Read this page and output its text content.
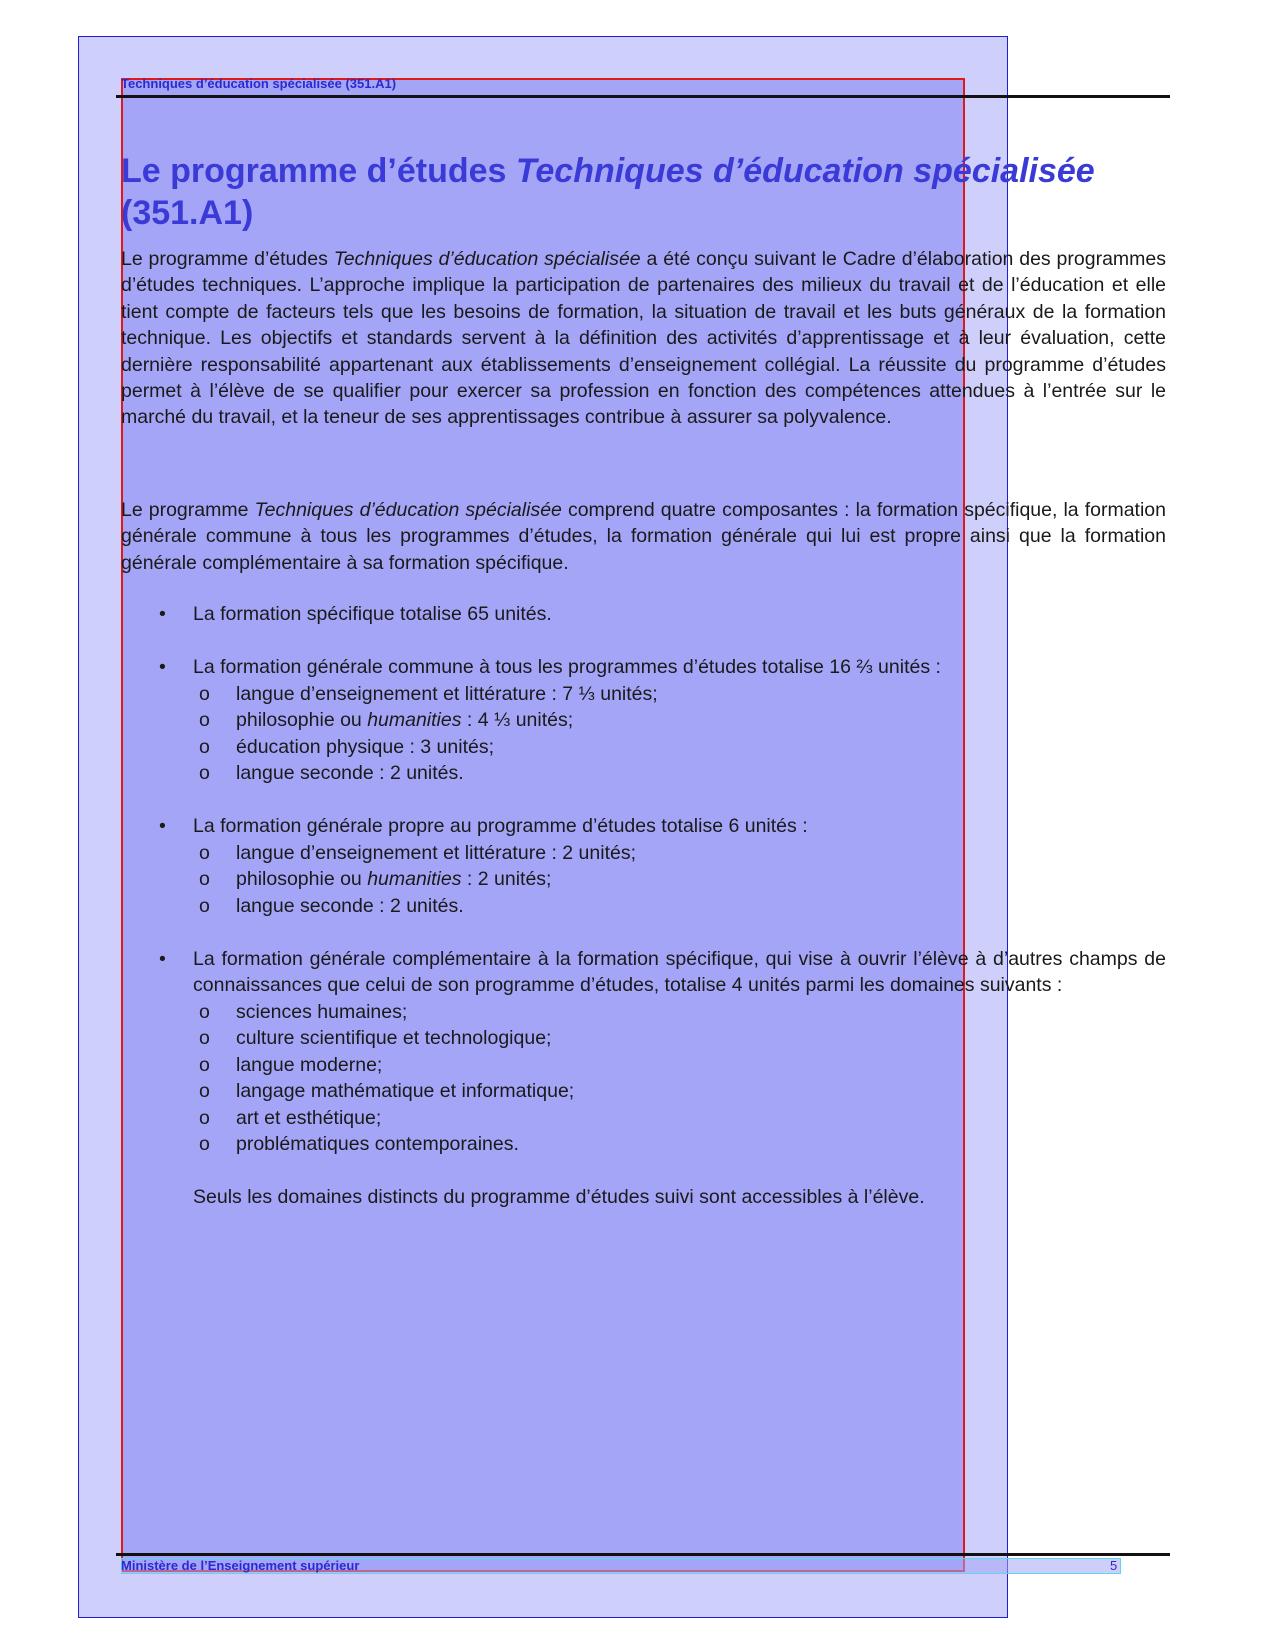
Techniques d’éducation spécialisée (351.A1)
Le programme d’études Techniques d’éducation spécialisée
(351.A1)

Le programme d’études Techniques d’éducation spécialisée a été conçu suivant le Cadre d’élaboration des programmes d’études techniques. L’approche implique la participation de partenaires des milieux du travail et de l’éducation et elle tient compte de facteurs tels que les besoins de formation, la situation de travail et les buts généraux de la formation technique. Les objectifs et standards servent à la définition des activités d’apprentissage et à leur évaluation, cette dernière responsabilité appartenant aux établissements d’enseignement collégial. La réussite du programme d’études permet à l’élève de se qualifier pour exercer sa profession en fonction des compétences attendues à l’entrée sur le marché du travail, et la teneur de ses apprentissages contribue à assurer sa polyvalence.

Le programme Techniques d’éducation spécialisée comprend quatre composantes : la formation spécifique, la formation générale commune à tous les programmes d’études, la formation générale qui lui est propre ainsi que la formation générale complémentaire à sa formation spécifique.

• La formation spécifique totalise 65 unités.

• La formation générale commune à tous les programmes d’études totalise 16 ⅔ unités :

o langue d’enseignement et littérature : 7 ⅓ unités;
o philosophie ou humanities : 4 ⅓ unités;
o éducation physique : 3 unités;
o langue seconde : 2 unités.
• La formation générale propre au programme d’études totalise 6 unités :

o langue d’enseignement et littérature : 2 unités;
o philosophie ou humanities : 2 unités;
o langue seconde : 2 unités.
• La formation générale complémentaire à la formation spécifique, qui vise à ouvrir l’élève à d’autres champs de connaissances que celui de son programme d’études, totalise 4 unités parmi les domaines suivants :

o sciences humaines;
o culture scientifique et technologique;
o langue moderne;
o langage mathématique et informatique;
o art et esthétique;
o problématiques contemporaines.

Seuls les domaines distincts du programme d’études suivi sont accessibles à l’élève.

Ministère de l’Enseignement supérieur	5
